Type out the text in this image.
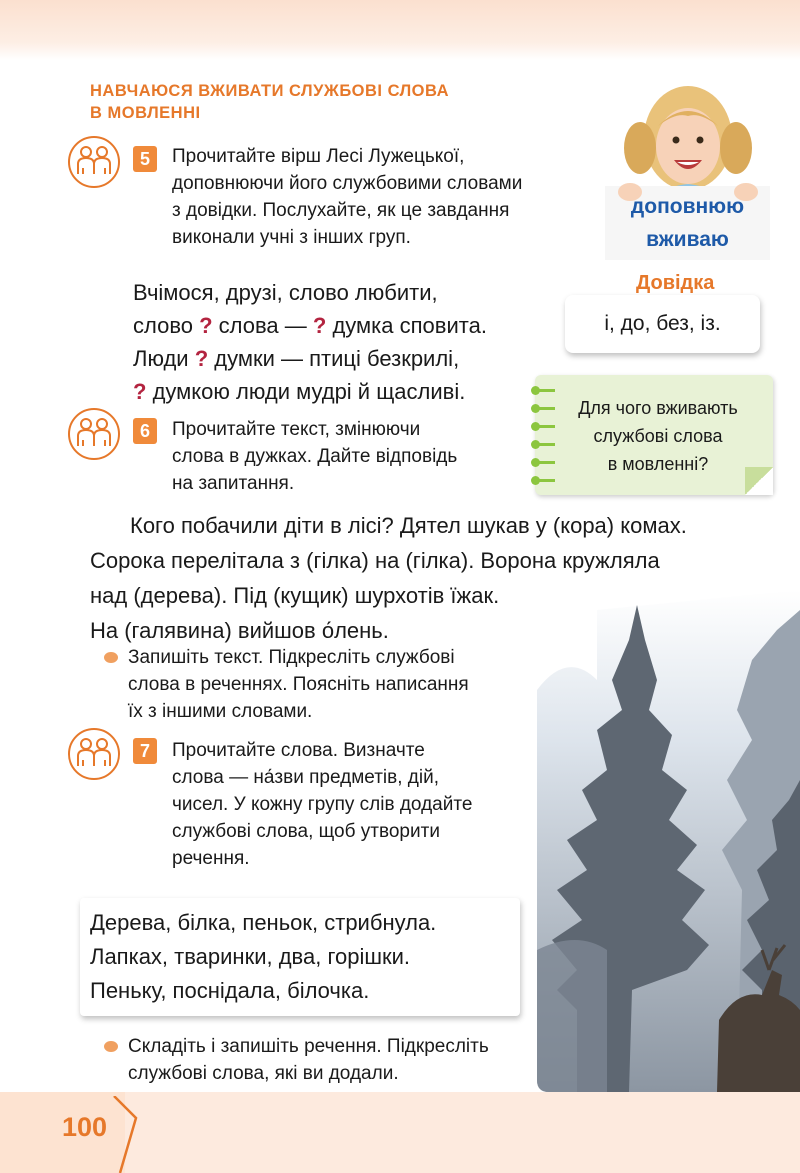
НАВЧАЮСЯ ВЖИВАТИ СЛУЖБОВІ СЛОВА
В МОВЛЕННІ
доповнюю
вживаю
5	Прочитайте вірш Лесі Лужецької,
доповнюючи його службовими словами
з довідки. Послухайте, як це завдання
виконали учні з інших груп.
Вчімося, друзі, слово любити,
слово ? слова — ? думка сповита.
Люди ? думки — птиці безкрилі,
? думкою люди мудрі й щасливі.
Довідка
і, до, без, із.
Для чого вживають
службові слова
в мовленні?
6	Прочитайте текст, змінюючи
слова в дужках. Дайте відповідь
на запитання.
Кого побачили діти в лісі? Дятел шукав у (кора) комах.
Сорока перелітала з (гілка) на (гілка). Ворона кружляла
над (дерева). Під (кущик) шурхотів їжак.
На (галявина) вийшов о́лень.
Запишіть текст. Підкресліть службові
слова в реченнях. Поясніть написання
їх з іншими словами.
7	Прочитайте слова. Визначте
слова — на́зви предметів, дій,
чисел. У кожну групу слів додайте
службові слова, щоб утворити
речення.
Дерева, білка, пеньок, стрибнула.
Лапках, тваринки, два, горішки.
Пеньку, поснідала, білочка.
Складіть і запишіть речення. Підкресліть
службові слова, які ви додали.
100
